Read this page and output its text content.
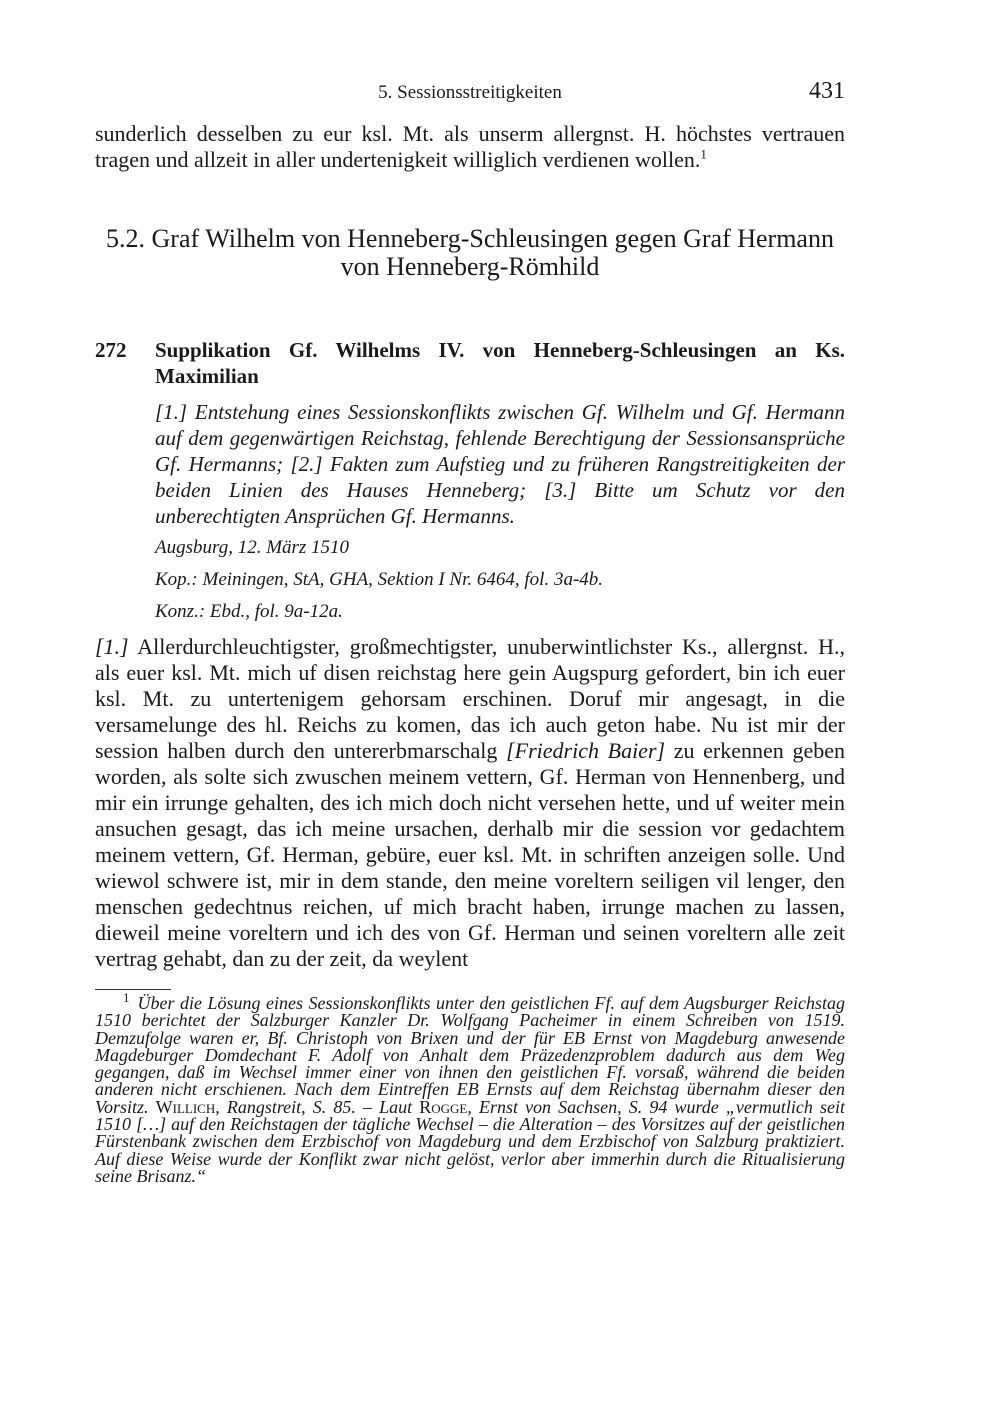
5. Sessionsstreitigkeiten	431

sunderlich desselben zu eur ksl. Mt. als unserm allergnst. H. höchstes vertrauen tragen und allzeit in aller undertenigkeit williglich verdienen wollen.$^1$

5.2. Graf Wilhelm von Henneberg-Schleusingen gegen Graf Hermann

von Henneberg-Römhild

272	Supplikation Gf. Wilhelms IV. von Henneberg-Schleusingen an Ks. Maximilian
[1.] Entstehung eines Sessionskonflikts zwischen Gf. Wilhelm und Gf. Hermann auf dem gegenwärtigen Reichstag, fehlende Berechtigung der Sessionsansprüche Gf. Hermanns; [2.] Fakten zum Aufstieg und zu früheren Rangstreitigkeiten der beiden Linien des Hauses Henneberg; [3.] Bitte um Schutz vor den unberechtigten Ansprüchen Gf. Hermanns.
Augsburg, 12. März 1510
Kop.: Meiningen, StA, GHA, Sektion I Nr. 6464, fol. 3a-4b.
Konz.: Ebd., fol. 9a-12a.

[1.] Allerdurchleuchtigster, großmechtigster, unuberwintlichster Ks., allergnst. H., als euer ksl. Mt. mich uf disen reichstag here gein Augspurg gefordert, bin ich euer ksl. Mt. zu untertenigem gehorsam erschinen. Doruf mir angesagt, in die versamelunge des hl. Reichs zu komen, das ich auch geton habe. Nu ist mir der session halben durch den untererbmarschalg [Friedrich Baier] zu erkennen geben worden, als solte sich zwuschen meinem vettern, Gf. Herman von Hennenberg, und mir ein irrunge gehalten, des ich mich doch nicht versehen hette, und uf weiter mein ansuchen gesagt, das ich meine ursachen, derhalb mir die session vor gedachtem meinem vettern, Gf. Herman, gebüre, euer ksl. Mt. in schriften anzeigen solle. Und wiewol schwere ist, mir in dem stande, den meine voreltern seiligen vil lenger, den menschen gedechtnus reichen, uf mich bracht haben, irrunge machen zu lassen, dieweil meine voreltern und ich des von Gf. Herman und seinen voreltern alle zeit vertrag gehabt, dan zu der zeit, da weylent

$^1$ Über die Lösung eines Sessionskonflikts unter den geistlichen Ff. auf dem Augsburger Reichstag 1510 berichtet der Salzburger Kanzler Dr. Wolfgang Pacheimer in einem Schreiben von 1519. Demzufolge waren er, Bf. Christoph von Brixen und der für EB Ernst von Magdeburg anwesende Magdeburger Domdechant F. Adolf von Anhalt dem Präzedenzproblem dadurch aus dem Weg gegangen, daß im Wechsel immer einer von ihnen den geistlichen Ff. vorsaß, während die beiden anderen nicht erschienen. Nach dem Eintreffen EB Ernsts auf dem Reichstag übernahm dieser den Vorsitz. Willich, Rangstreit, S. 85. – Laut Rogge, Ernst von Sachsen, S. 94 wurde „vermutlich seit 1510 […] auf den Reichstagen der tägliche Wechsel – die Alteration – des Vorsitzes auf der geistlichen Fürstenbank zwischen dem Erzbischof von Magdeburg und dem Erzbischof von Salzburg praktiziert. Auf diese Weise wurde der Konflikt zwar nicht gelöst, verlor aber immerhin durch die Ritualisierung seine Brisanz.“
